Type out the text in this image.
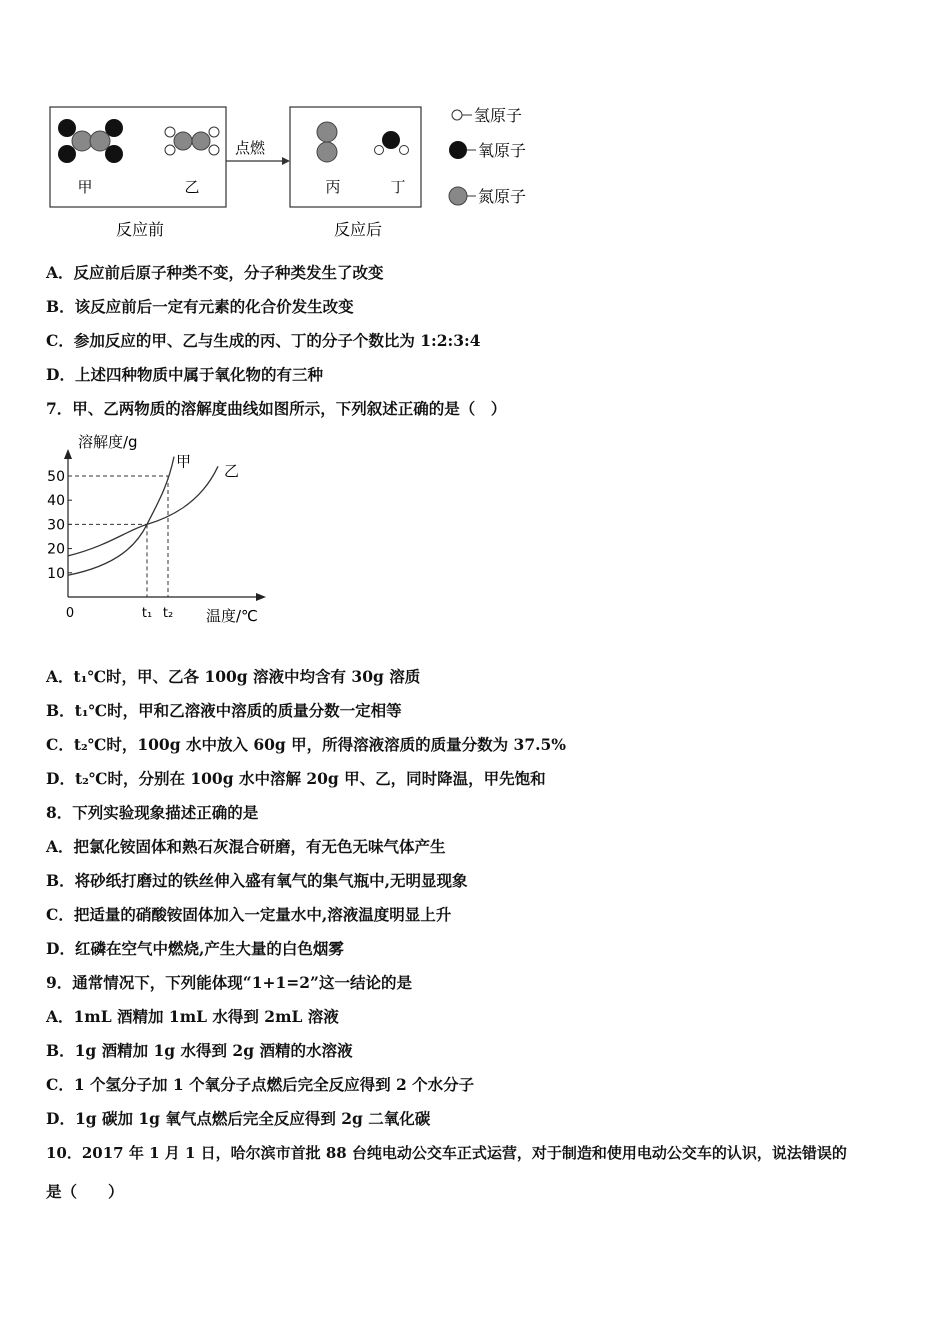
甲	乙
反应前
点燃
丙	丁
反应后
氢原子
氧原子
氮原子
A．反应前后原子种类不变，分子种类发生了改变
B．该反应前后一定有元素的化合价发生改变
C．参加反应的甲、乙与生成的丙、丁的分子个数比为 1:2:3:4
D．上述四种物质中属于氧化物的有三种
7．甲、乙两物质的溶解度曲线如图所示，下列叙述正确的是（　）
溶解度/g
温度/℃
50
40
30
20
10
0	t₁ t₂
甲
乙
A．t₁℃时，甲、乙各 100g 溶液中均含有 30g 溶质
B．t₁℃时，甲和乙溶液中溶质的质量分数一定相等
C．t₂℃时，100g 水中放入 60g 甲，所得溶液溶质的质量分数为 37.5%
D．t₂℃时，分别在 100g 水中溶解 20g 甲、乙，同时降温，甲先饱和
8．下列实验现象描述正确的是
A．把氯化铵固体和熟石灰混合研磨，有无色无味气体产生
B．将砂纸打磨过的铁丝伸入盛有氧气的集气瓶中,无明显现象
C．把适量的硝酸铵固体加入一定量水中,溶液温度明显上升
D．红磷在空气中燃烧,产生大量的白色烟雾
9．通常情况下，下列能体现“1+1=2”这一结论的是
A．1mL 酒精加 1mL 水得到 2mL 溶液
B．1g 酒精加 1g 水得到 2g 酒精的水溶液
C．1 个氢分子加 1 个氧分子点燃后完全反应得到 2 个水分子
D．1g 碳加 1g 氧气点燃后完全反应得到 2g 二氧化碳
10．2017 年 1 月 1 日，哈尔滨市首批 88 台纯电动公交车正式运营，对于制造和使用电动公交车的认识，说法错误的
是（　　）
